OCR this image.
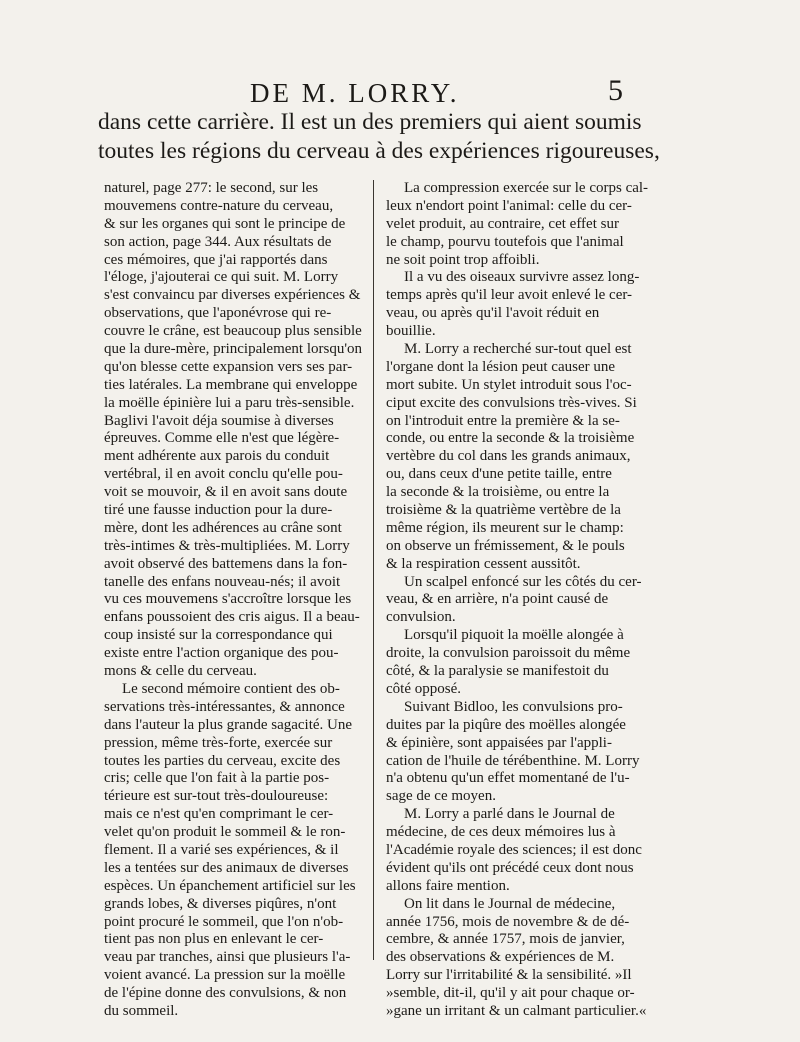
DE M. LORRY.	5
dans cette carrière. Il est un des premiers qui aient soumis
toutes les régions du cerveau à des expériences rigoureuses,
naturel, page 277: le second, sur les
mouvemens contre-nature du cerveau,
& sur les organes qui sont le principe de
son action, page 344. Aux résultats de
ces mémoires, que j'ai rapportés dans
l'éloge, j'ajouterai ce qui suit. M. Lorry
s'est convaincu par diverses expériences &
observations, que l'aponévrose qui re-
couvre le crâne, est beaucoup plus sensible
que la dure-mère, principalement lorsqu'on
qu'on blesse cette expansion vers ses par-
ties latérales. La membrane qui enveloppe
la moëlle épinière lui a paru très-sensible.
Baglivi l'avoit déja soumise à diverses
épreuves. Comme elle n'est que légère-
ment adhérente aux parois du conduit
vertébral, il en avoit conclu qu'elle pou-
voit se mouvoir, & il en avoit sans doute
tiré une fausse induction pour la dure-
mère, dont les adhérences au crâne sont
très-intimes & très-multipliées. M. Lorry
avoit observé des battemens dans la fon-
tanelle des enfans nouveau-nés; il avoit
vu ces mouvemens s'accroître lorsque les
enfans poussoient des cris aigus. Il a beau-
coup insisté sur la correspondance qui
existe entre l'action organique des pou-
mons & celle du cerveau.
Le second mémoire contient des ob-
servations très-intéressantes, & annonce
dans l'auteur la plus grande sagacité. Une
pression, même très-forte, exercée sur
toutes les parties du cerveau, excite des
cris; celle que l'on fait à la partie pos-
térieure est sur-tout très-douloureuse:
mais ce n'est qu'en comprimant le cer-
velet qu'on produit le sommeil & le ron-
flement. Il a varié ses expériences, & il
les a tentées sur des animaux de diverses
espèces. Un épanchement artificiel sur les
grands lobes, & diverses piqûres, n'ont
point procuré le sommeil, que l'on n'ob-
tient pas non plus en enlevant le cer-
veau par tranches, ainsi que plusieurs l'a-
voient avancé. La pression sur la moëlle
de l'épine donne des convulsions, & non
du sommeil.
La compression exercée sur le corps cal-
leux n'endort point l'animal: celle du cer-
velet produit, au contraire, cet effet sur
le champ, pourvu toutefois que l'animal
ne soit point trop affoibli.
Il a vu des oiseaux survivre assez long-
temps après qu'il leur avoit enlevé le cer-
veau, ou après qu'il l'avoit réduit en
bouillie.
M. Lorry a recherché sur-tout quel est
l'organe dont la lésion peut causer une
mort subite. Un stylet introduit sous l'oc-
ciput excite des convulsions très-vives. Si
on l'introduit entre la première & la se-
conde, ou entre la seconde & la troisième
vertèbre du col dans les grands animaux,
ou, dans ceux d'une petite taille, entre
la seconde & la troisième, ou entre la
troisième & la quatrième vertèbre de la
même région, ils meurent sur le champ:
on observe un frémissement, & le pouls
& la respiration cessent aussitôt.
Un scalpel enfoncé sur les côtés du cer-
veau, & en arrière, n'a point causé de
convulsion.
Lorsqu'il piquoit la moëlle alongée à
droite, la convulsion paroissoit du même
côté, & la paralysie se manifestoit du
côté opposé.
Suivant Bidloo, les convulsions pro-
duites par la piqûre des moëlles alongée
& épinière, sont appaisées par l'appli-
cation de l'huile de térébenthine. M. Lorry
n'a obtenu qu'un effet momentané de l'u-
sage de ce moyen.
M. Lorry a parlé dans le Journal de
médecine, de ces deux mémoires lus à
l'Académie royale des sciences; il est donc
évident qu'ils ont précédé ceux dont nous
allons faire mention.
On lit dans le Journal de médecine,
année 1756, mois de novembre & de dé-
cembre, & année 1757, mois de janvier,
des observations & expériences de M.
Lorry sur l'irritabilité & la sensibilité. »Il
»semble, dit-il, qu'il y ait pour chaque or-
»gane un irritant & un calmant particulier.«
